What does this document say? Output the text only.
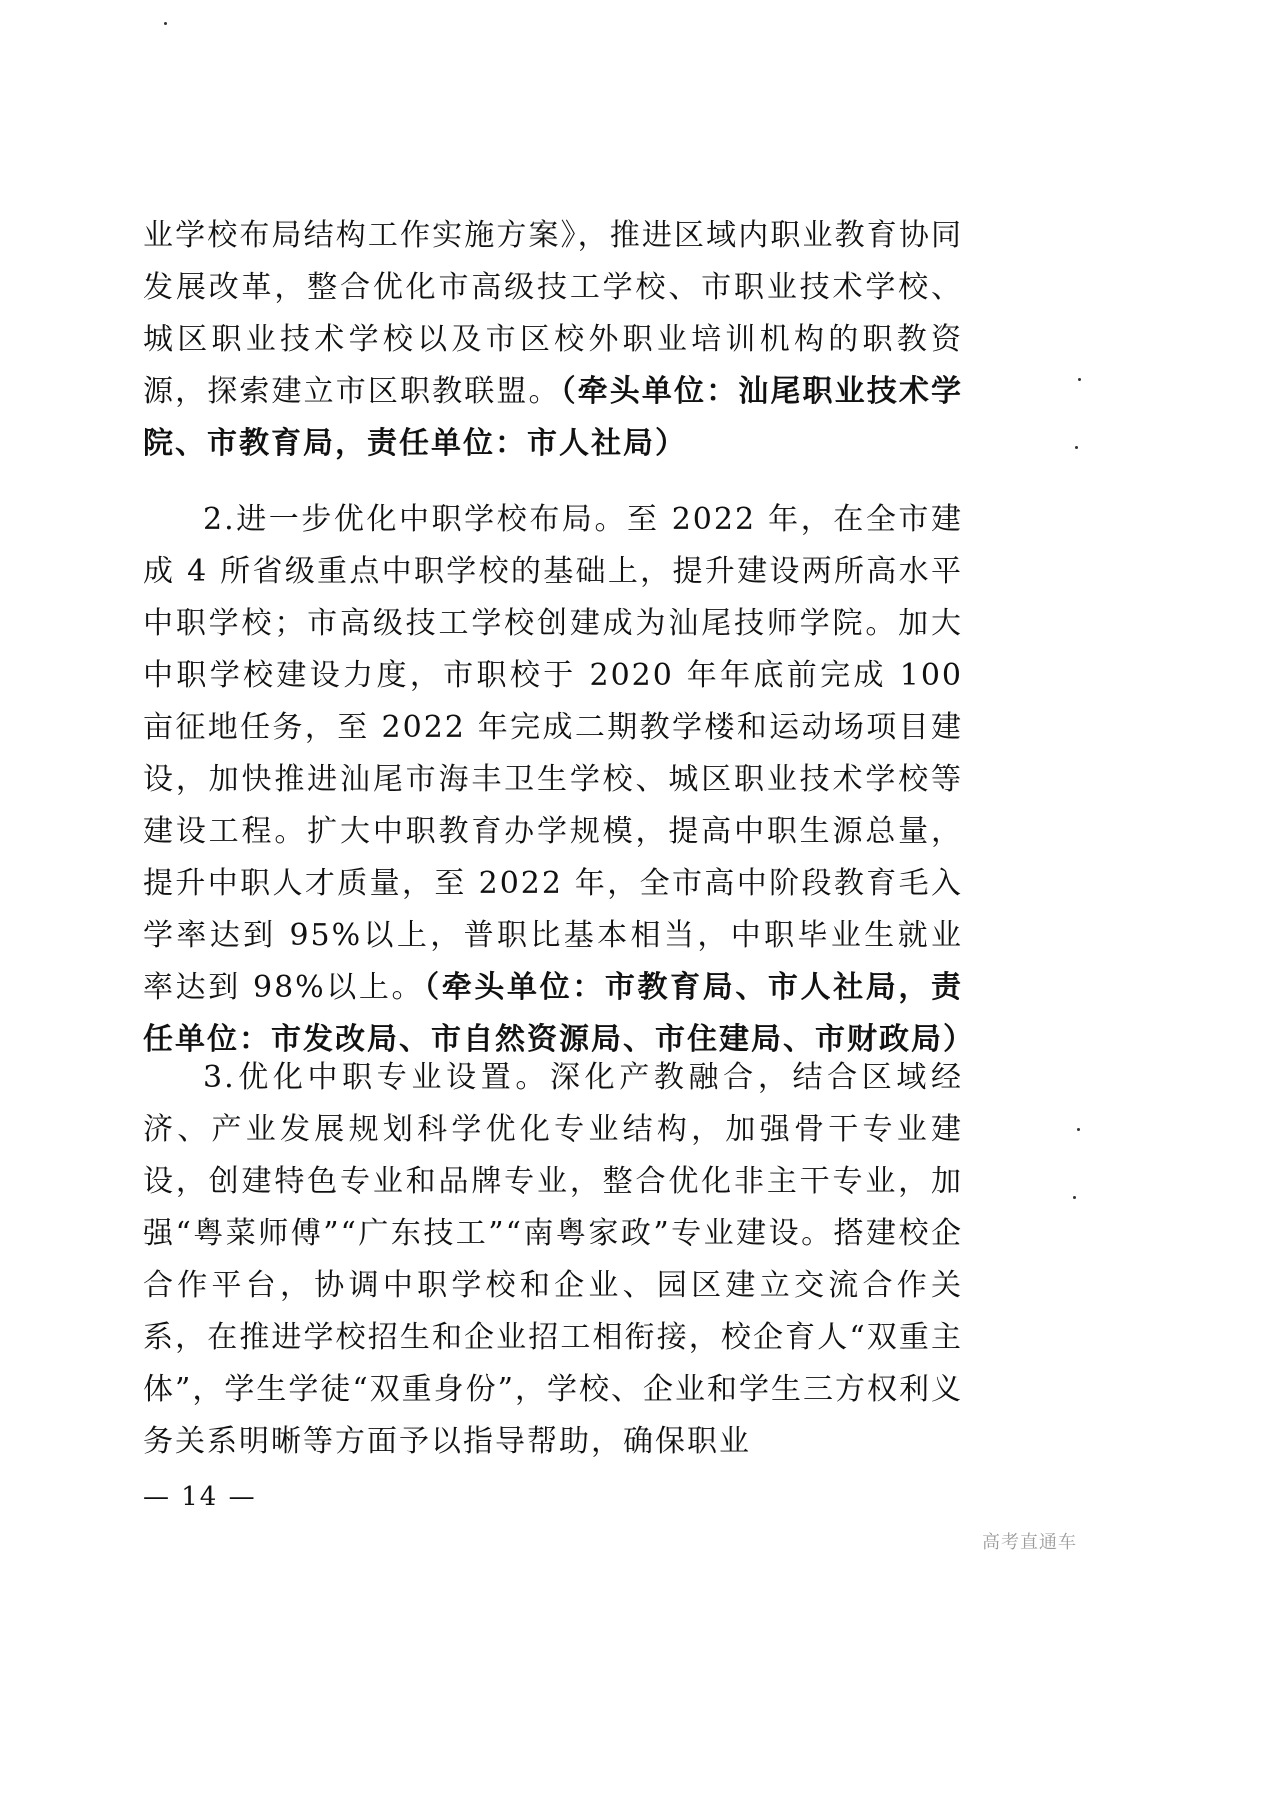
业学校布局结构工作实施方案》，推进区域内职业教育协同发展改革，整合优化市高级技工学校、市职业技术学校、城区职业技术学校以及市区校外职业培训机构的职教资源，探索建立市区职教联盟。（牵头单位：汕尾职业技术学院、市教育局，责任单位：市人社局）

2.进一步优化中职学校布局。至 2022 年，在全市建成 4 所省级重点中职学校的基础上，提升建设两所高水平中职学校；市高级技工学校创建成为汕尾技师学院。加大中职学校建设力度，市职校于 2020 年年底前完成 100 亩征地任务，至 2022 年完成二期教学楼和运动场项目建设，加快推进汕尾市海丰卫生学校、城区职业技术学校等建设工程。扩大中职教育办学规模，提高中职生源总量，提升中职人才质量，至 2022 年，全市高中阶段教育毛入学率达到 95%以上，普职比基本相当，中职毕业生就业率达到 98%以上。（牵头单位：市教育局、市人社局，责任单位：市发改局、市自然资源局、市住建局、市财政局）

3.优化中职专业设置。深化产教融合，结合区域经济、产业发展规划科学优化专业结构，加强骨干专业建设，创建特色专业和品牌专业，整合优化非主干专业，加强“粤菜师傅”“广东技工”“南粤家政”专业建设。搭建校企合作平台，协调中职学校和企业、园区建立交流合作关系，在推进学校招生和企业招工相衔接，校企育人“双重主体”，学生学徒“双重身份”，学校、企业和学生三方权利义务关系明晰等方面予以指导帮助，确保职业

— 14 —
高考直通车
